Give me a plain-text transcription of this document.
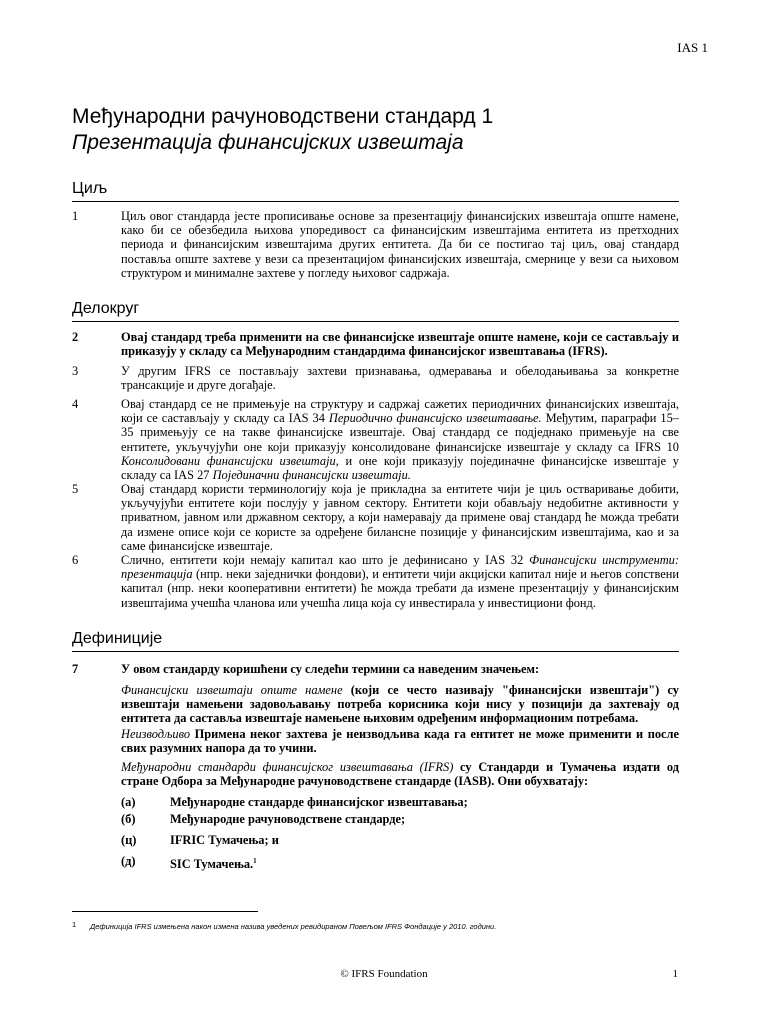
IAS 1
Међународни рачуноводствени стандард 1
Презентација финансијских извештаја
Циљ
1	Циљ овог стандарда јесте прописивање основе за презентацију финансијских извештаја опште намене, како би се обезбедила њихова упоредивост са финансијским извештајима ентитета из претходних периода и финансијским извештајима других ентитета. Да би се постигао тај циљ, овај стандард поставља опште захтеве у вези са презентацијом финансијских извештаја, смернице у вези са њиховом структуром и минималне захтеве у погледу њиховог садржаја.
Делокруг
2	Овај стандард треба применити на све финансијске извештаје опште намене, који се састављају и приказују у складу са Међународним стандардима финансијског извештавања (IFRS).
3	У другим IFRS се постављају захтеви признавања, одмеравања и обелодањивања за конкретне трансакције и друге догађаје.
4	Овај стандард се не примењује на структуру и садржај сажетих периодичних финансијских извештаја, који се састављају у складу са IAS 34 Периодично финансијско извештавање. Међутим, параграфи 15–35 примењују се на такве финансијске извештаје. Овај стандард се подједнако примењује на све ентитете, укључујући оне који приказују консолидоване финансијске извештаје у складу са IFRS 10 Консолидовани финансијски извештаји, и оне који приказују појединачне финансијске извештаје у складу са IAS 27 Појединачни финансијски извештаји.
5	Овај стандард користи терминологију која је прикладна за ентитете чији је циљ остваривање добити, укључујући ентитете који послују у јавном сектору. Ентитети који обављају недобитне активности у приватном, јавном или државном сектору, а који намеравају да примене овај стандард ће можда требати да измене описе који се користе за одређене билансне позиције у финансијским извештајима, као и за саме финансијске извештаје.
6	Слично, ентитети који немају капитал као што је дефинисано у IAS 32 Финансијски инструменти: презентација (нпр. неки заједнички фондови), и ентитети чији акцијски капитал није и његов сопствени капитал (нпр. неки кооперативни ентитети) ће можда требати да измене презентацију у финансијским извештајима учешћа чланова или учешћа лица која су инвестирала у инвестициони фонд.
Дефиниције
7	У овом стандарду коришћени су следећи термини са наведеним значењем:
Финансијски извештаји опште намене (који се често називају "финансијски извештаји") су извештаји намењени задовољавању потреба корисника који нису у позицији да захтевају од ентитета да саставља извештаје намењене њиховим одређеним информационим потребама.
Неизводљиво Примена неког захтева је неизводљива када га ентитет не може применити и после свих разумних напора да то учини.
Међународни стандарди финансијског извештавања (IFRS) су Стандарди и Тумачења издати од стране Одбора за Међународне рачуноводствене стандарде (IASB). Они обухватају:
(а)	Међународне стандарде финансијског извештавања;
(б)	Међународне рачуноводствене стандарде;
(ц)	IFRIC Тумачења; и
(д)	SIC Тумачења.$^1$
1 Дефиниција IFRS измењена након измена назива уведених ревидираном Повељом IFRS Фондације у 2010. години.
© IFRS Foundation	1
